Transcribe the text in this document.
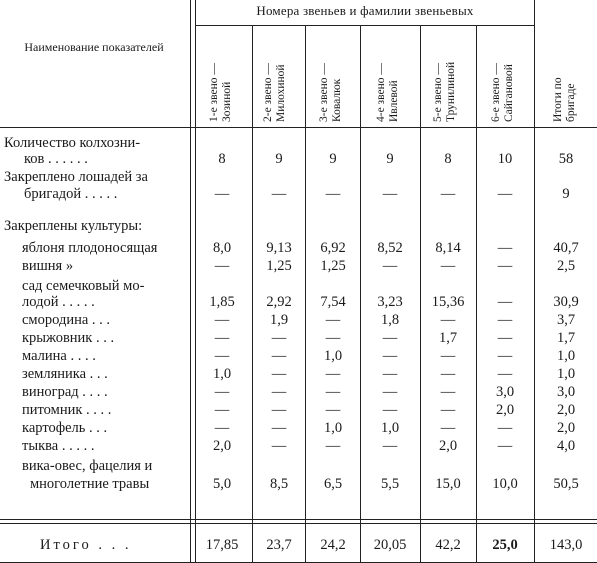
Наименование показателей
Номера звеньев и фамилии звеньевых
1-е звено — Зозиной	2-е звено — Милохиной	3-е звено — Ковалюк	4-е звено — Ивлевой	5-е звено — Трунилиной	6-е звено — Сайгановой	Итоги по бригаде
Количество колхозни-
ков . . . . . .	8	9	9	9	8	10	58
Закреплено лошадей за
бригадой . . . . .	—	—	—	—	—	—	9
Закреплены культуры:
яблоня плодоносящая	8,0	9,13	6,92	8,52	8,14	—	40,7
вишня »	—	1,25	1,25	—	—	—	2,5
сад семечковый мо-
лодой . . . . .	1,85	2,92	7,54	3,23	15,36	—	30,9
смородина . . .	—	1,9	—	1,8	—	—	3,7
крыжовник . . .	—	—	—	—	1,7	—	1,7
малина . . . .	—	—	1,0	—	—	—	1,0
земляника . . .	1,0	—	—	—	—	—	1,0
виноград . . . .	—	—	—	—	—	3,0	3,0
питомник . . . .	—	—	—	—	—	2,0	2,0
картофель . . .	—	—	1,0	1,0	—	—	2,0
тыква . . . . .	2,0	—	—	—	2,0	—	4,0
вика-овес, фацелия и
многолетние травы	5,0	8,5	6,5	5,5	15,0	10,0	50,5
Итого . . .	17,85	23,7	24,2	20,05	42,2	25,0	143,0
